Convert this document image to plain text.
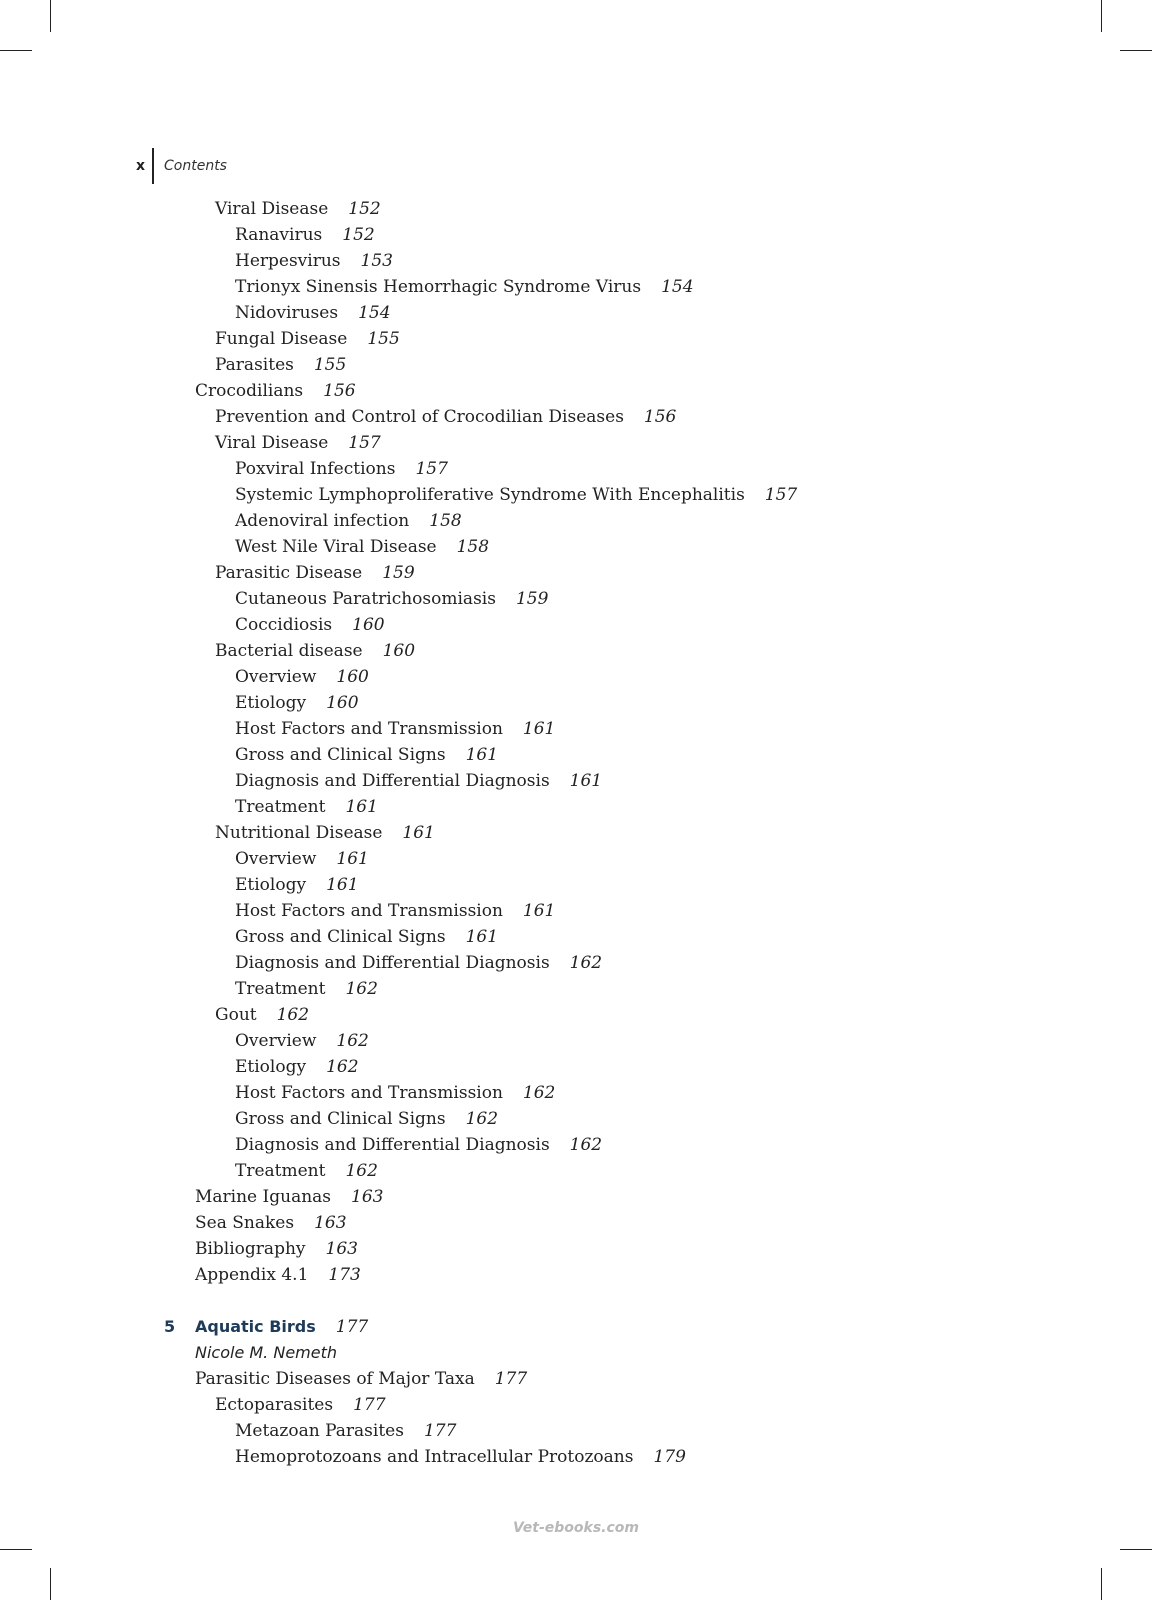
x	Contents
Viral Disease 152
Ranavirus 152
Herpesvirus 153
Trionyx Sinensis Hemorrhagic Syndrome Virus 154
Nidoviruses 154
Fungal Disease 155
Parasites 155
Crocodilians 156
Prevention and Control of Crocodilian Diseases 156
Viral Disease 157
Poxviral Infections 157
Systemic Lymphoproliferative Syndrome With Encephalitis 157
Adenoviral infection 158
West Nile Viral Disease 158
Parasitic Disease 159
Cutaneous Paratrichosomiasis 159
Coccidiosis 160
Bacterial disease 160
Overview 160
Etiology 160
Host Factors and Transmission 161
Gross and Clinical Signs 161
Diagnosis and Differential Diagnosis 161
Treatment 161
Nutritional Disease 161
Overview 161
Etiology 161
Host Factors and Transmission 161
Gross and Clinical Signs 161
Diagnosis and Differential Diagnosis 162
Treatment 162
Gout 162
Overview 162
Etiology 162
Host Factors and Transmission 162
Gross and Clinical Signs 162
Diagnosis and Differential Diagnosis 162
Treatment 162
Marine Iguanas 163
Sea Snakes 163
Bibliography 163
Appendix 4.1 173
5 Aquatic Birds 177
Nicole M. Nemeth
Parasitic Diseases of Major Taxa 177
Ectoparasites 177
Metazoan Parasites 177
Hemoprotozoans and Intracellular Protozoans 179
Vet-ebooks.com
